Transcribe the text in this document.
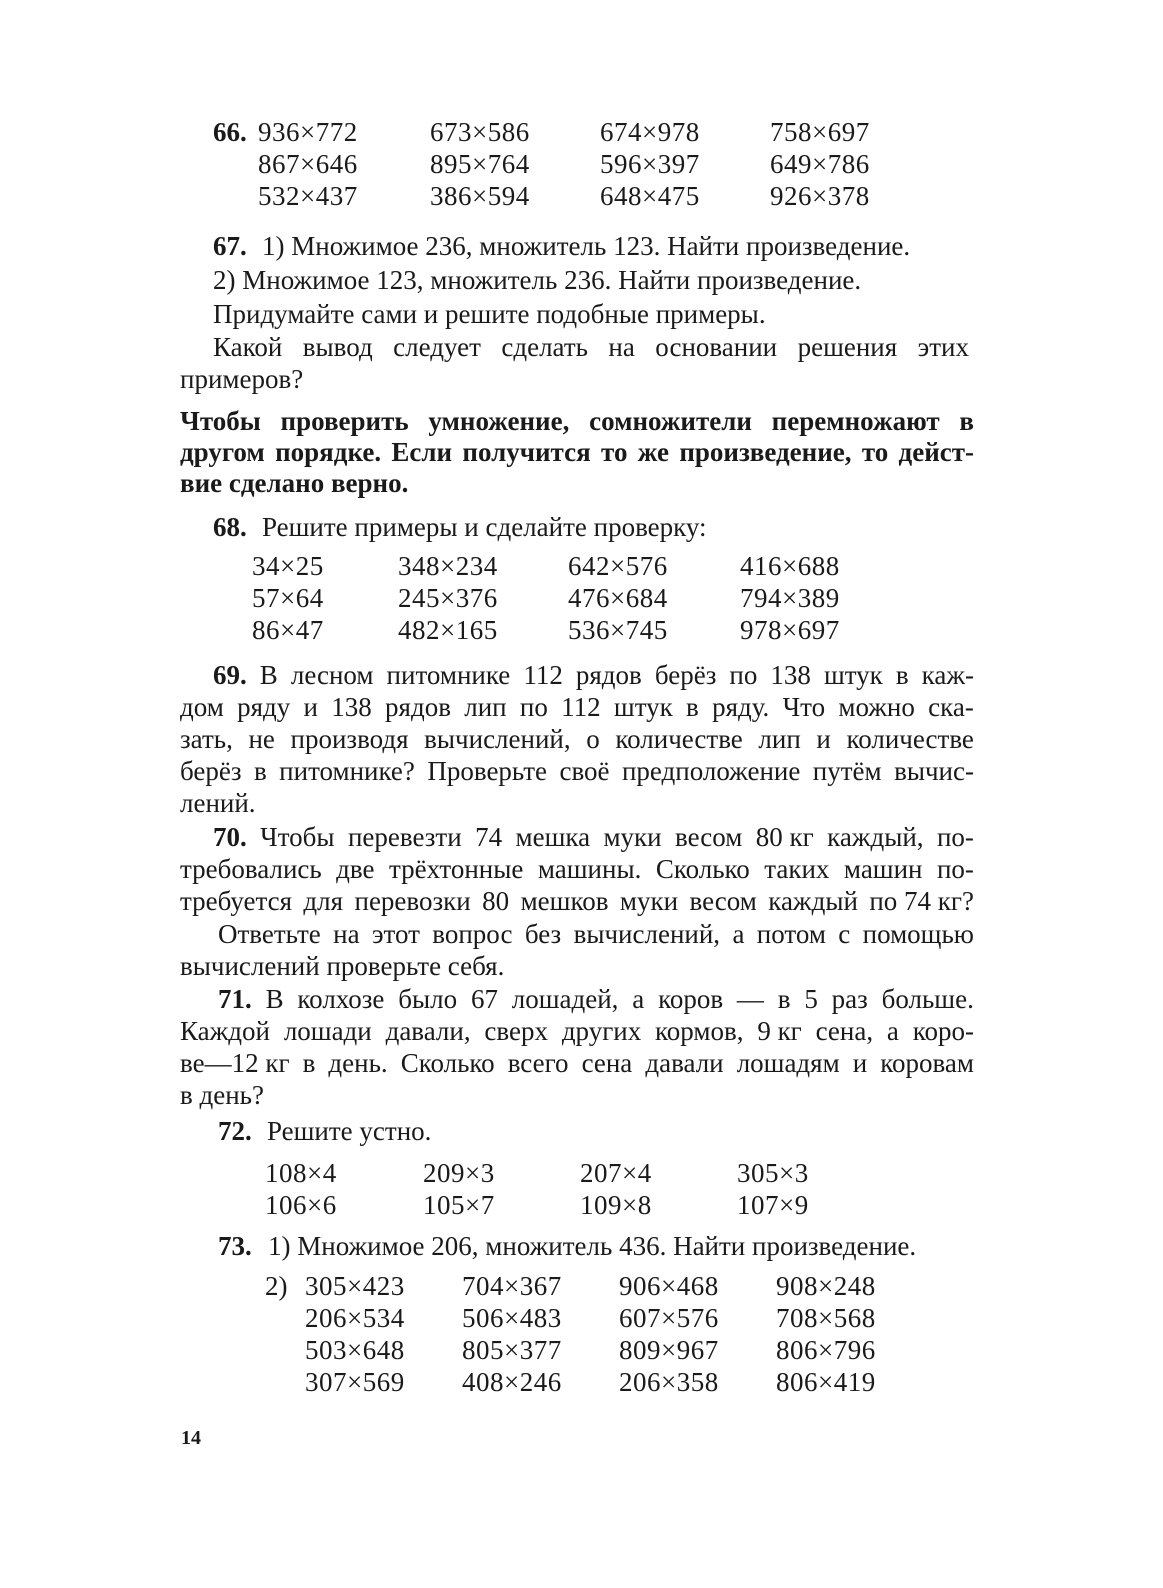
66. 936×772	673×586	674×978	758×697
867×646	895×764	596×397	649×786
532×437	386×594	648×475	926×378
67. 1) Множимое 236, множитель 123. Найти произведение.
2) Множимое 123, множитель 236. Найти произведение.
Придумайте сами и решите подобные примеры.
Какой вывод следует сделать на основании решения этих
примеров?
Чтобы проверить умножение, сомножители перемножают в
другом порядке. Если получится то же произведение, то дейст-
вие сделано верно.
68. Решите примеры и сделайте проверку:
34×25	348×234	642×576	416×688
57×64	245×376	476×684	794×389
86×47	482×165	536×745	978×697
69. В лесном питомнике 112 рядов берёз по 138 штук в каж-
дом ряду и 138 рядов лип по 112 штук в ряду. Что можно ска-
зать, не производя вычислений, о количестве лип и количестве
берёз в питомнике? Проверьте своё предположение путём вычис-
лений.
70. Чтобы перевезти 74 мешка муки весом 80 кг каждый, по-
требовались две трёхтонные машины. Сколько таких машин по-
требуется для перевозки 80 мешков муки весом каждый по 74 кг?
Ответьте на этот вопрос без вычислений, а потом с помощью
вычислений проверьте себя.
71. В колхозе было 67 лошадей, а коров — в 5 раз больше.
Каждой лошади давали, сверх других кормов, 9 кг сена, а коро-
ве—12 кг в день. Сколько всего сена давали лошадям и коровам
в день?
72. Решите устно.
108×4	209×3	207×4	305×3
106×6	105×7	109×8	107×9
73. 1) Множимое 206, множитель 436. Найти произведение.
2) 305×423 704×367 906×468 908×248
206×534 506×483 607×576 708×568
503×648 805×377 809×967 806×796
307×569 408×246 206×358 806×419
14
